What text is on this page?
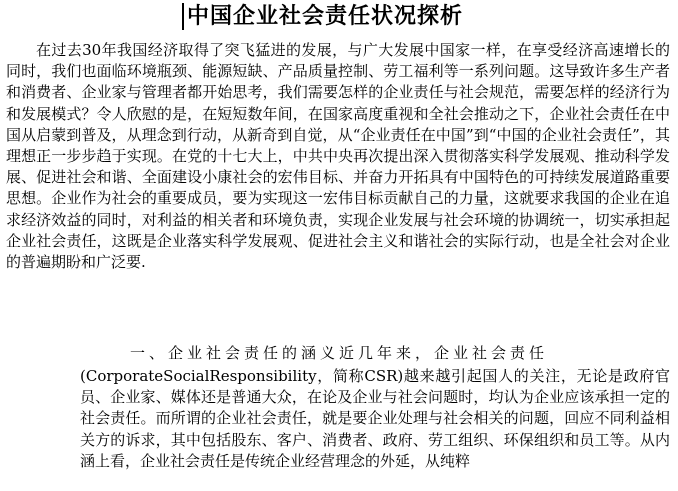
中国企业社会责任状况探析
在过去30年我国经济取得了突飞猛进的发展，与广大发展中国家一样，在享受经济高速增长的同时，我们也面临环境瓶颈、能源短缺、产品质量控制、劳工福利等一系列问题。这导致许多生产者和消费者、企业家与管理者都开始思考，我们需要怎样的企业责任与社会规范，需要怎样的经济行为和发展模式？令人欣慰的是，在短短数年间，在国家高度重视和全社会推动之下，企业社会责任在中国从启蒙到普及，从理念到行动，从新奇到自觉，从“企业责任在中国”到“中国的企业社会责任”，其理想正一步步趋于实现。在党的十七大上，中共中央再次提出深入贯彻落实科学发展观、推动科学发展、促进社会和谐、全面建设小康社会的宏伟目标、并奋力开拓具有中国特色的可持续发展道路重要思想。企业作为社会的重要成员，要为实现这一宏伟目标贡献自己的力量，这就要求我国的企业在追求经济效益的同时，对利益的相关者和环境负责，实现企业发展与社会环境的协调统一，切实承担起企业社会责任，这既是企业落实科学发展观、促进社会主义和谐社会的实际行动，也是全社会对企业的普遍期盼和广泛要.
一、企业社会责任的涵义近几年来，企业社会责任
(CorporateSocialResponsibility，简称CSR)越来越引起国人的关注，无论是政府官员、企业家、媒体还是普通大众，在论及企业与社会问题时，均认为企业应该承担一定的社会责任。而所谓的企业社会责任，就是要企业处理与社会相关的问题，回应不同利益相关方的诉求，其中包括股东、客户、消费者、政府、劳工组织、环保组织和员工等。从内涵上看，企业社会责任是传统企业经营理念的外延，从纯粹
